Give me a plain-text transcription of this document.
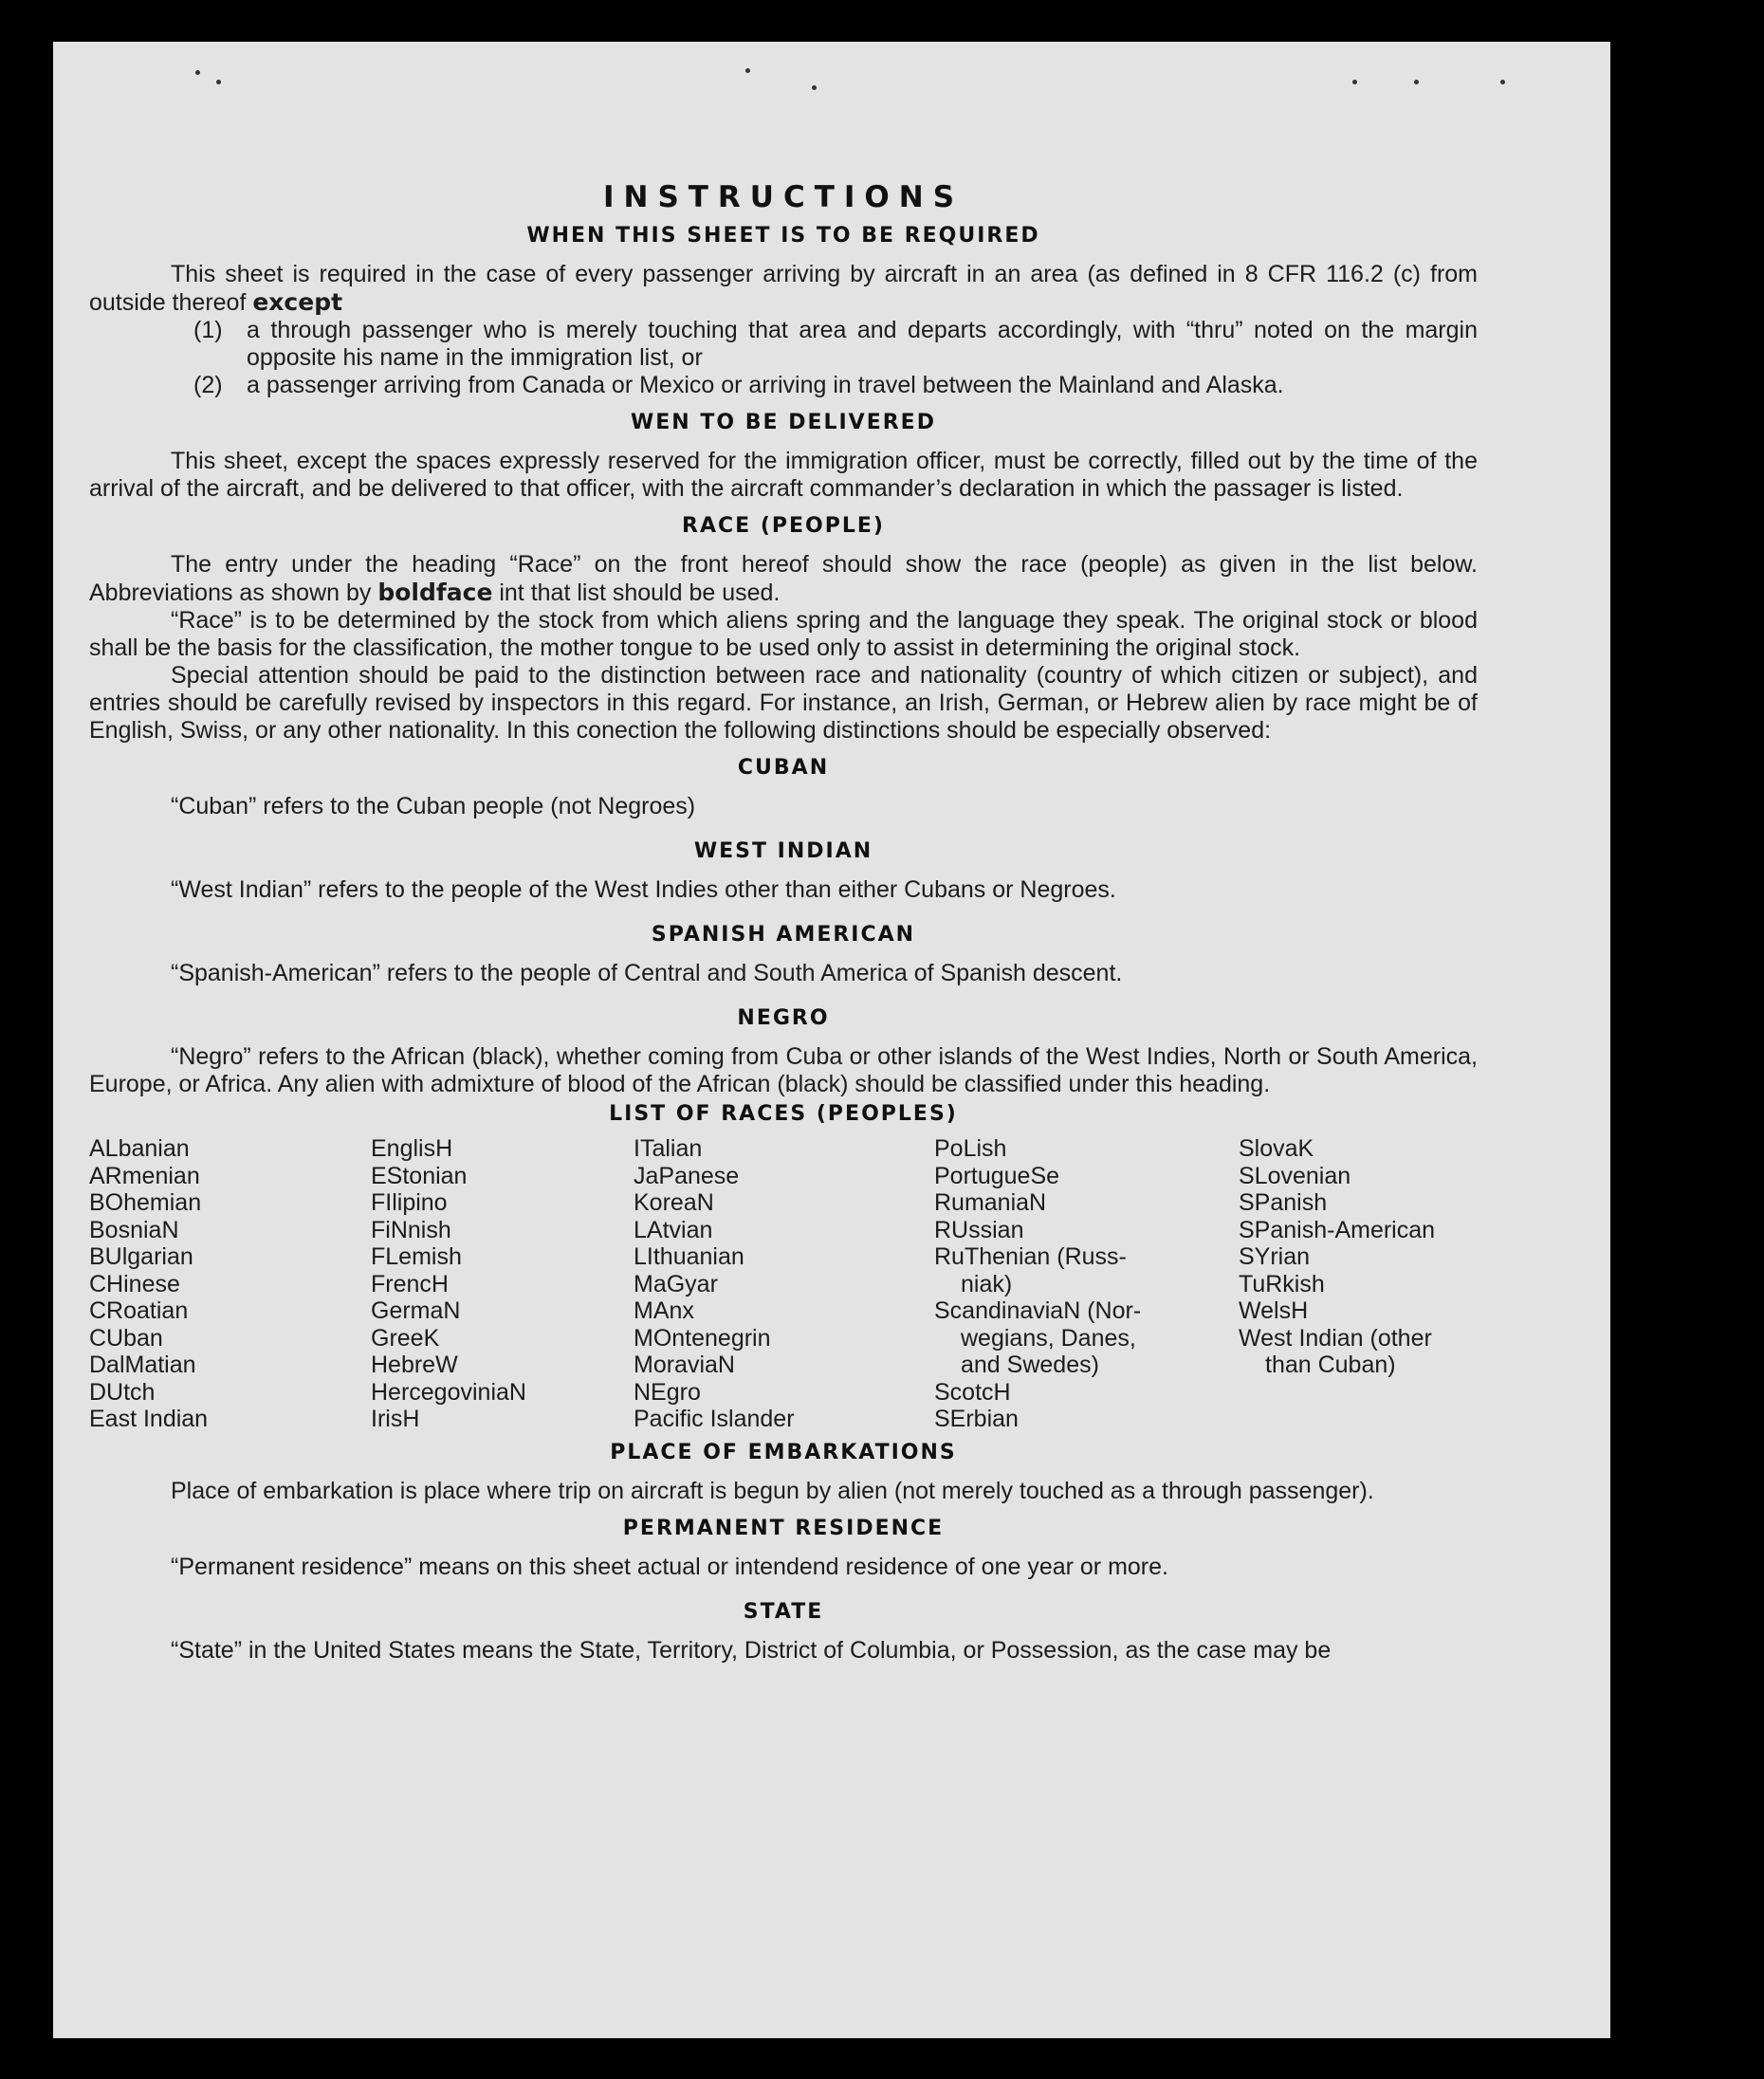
INSTRUCTIONS
WHEN THIS SHEET IS TO BE REQUIRED

This sheet is required in the case of every passenger arriving by aircraft in an area (as defined in 8 CFR 116.2 (c) from outside thereof except

(1)	a through passenger who is merely touching that area and departs accordingly, with “thru” noted on the margin opposite his name in the immigration list, or
(2)	a passenger arriving from Canada or Mexico or arriving in travel between the Mainland and Alaska.
WEN TO BE DELIVERED

This sheet, except the spaces expressly reserved for the immigration officer, must be correctly, filled out by the time of the arrival of the aircraft, and be delivered to that officer, with the aircraft commander’s declaration in which the passager is listed.

RACE (PEOPLE)

The entry under the heading “Race” on the front hereof should show the race (people) as given in the list below. Abbreviations as shown by boldface int that list should be used.

“Race” is to be determined by the stock from which aliens spring and the language they speak. The original stock or blood shall be the basis for the classification, the mother tongue to be used only to assist in determining the original stock.

Special attention should be paid to the distinction between race and nationality (country of which citizen or subject), and entries should be carefully revised by inspectors in this regard. For instance, an Irish, German, or Hebrew alien by race might be of English, Swiss, or any other nationality. In this conection the following distinctions should be especially observed:

CUBAN

“Cuban” refers to the Cuban people (not Negroes)

WEST INDIAN

“West Indian” refers to the people of the West Indies other than either Cubans or Negroes.

SPANISH AMERICAN

“Spanish-American” refers to the people of Central and South America of Spanish descent.

NEGRO

“Negro” refers to the African (black), whether coming from Cuba or other islands of the West Indies, North or South America, Europe, or Africa. Any alien with admixture of blood of the African (black) should be classified under this heading.

LIST OF RACES (PEOPLES)
ALbanian
ARmenian
BOhemian
BosniaN
BUlgarian
CHinese
CRoatian
CUban
DalMatian
DUtch
East Indian
EnglisH
EStonian
FIlipino
FiNnish
FLemish
FrencH
GermaN
GreeK
HebreW
HercegoviniaN
IrisH
ITalian
JaPanese
KoreaN
LAtvian
LIthuanian
MaGyar
MAnx
MOntenegrin
MoraviaN
NEgro
Pacific Islander
PoLish
PortugueSe
RumaniaN
RUssian
RuThenian (Russ-
niak)
ScandinaviaN (Nor-
wegians, Danes,
and Swedes)
ScotcH
SErbian
SlovaK
SLovenian
SPanish
SPanish-American
SYrian
TuRkish
WelsH
West Indian (other
than Cuban)
PLACE OF EMBARKATIONS

Place of embarkation is place where trip on aircraft is begun by alien (not merely touched as a through passenger).

PERMANENT RESIDENCE

“Permanent residence” means on this sheet actual or intendend residence of one year or more.

STATE

“State” in the United States means the State, Territory, District of Columbia, or Possession, as the case may be
